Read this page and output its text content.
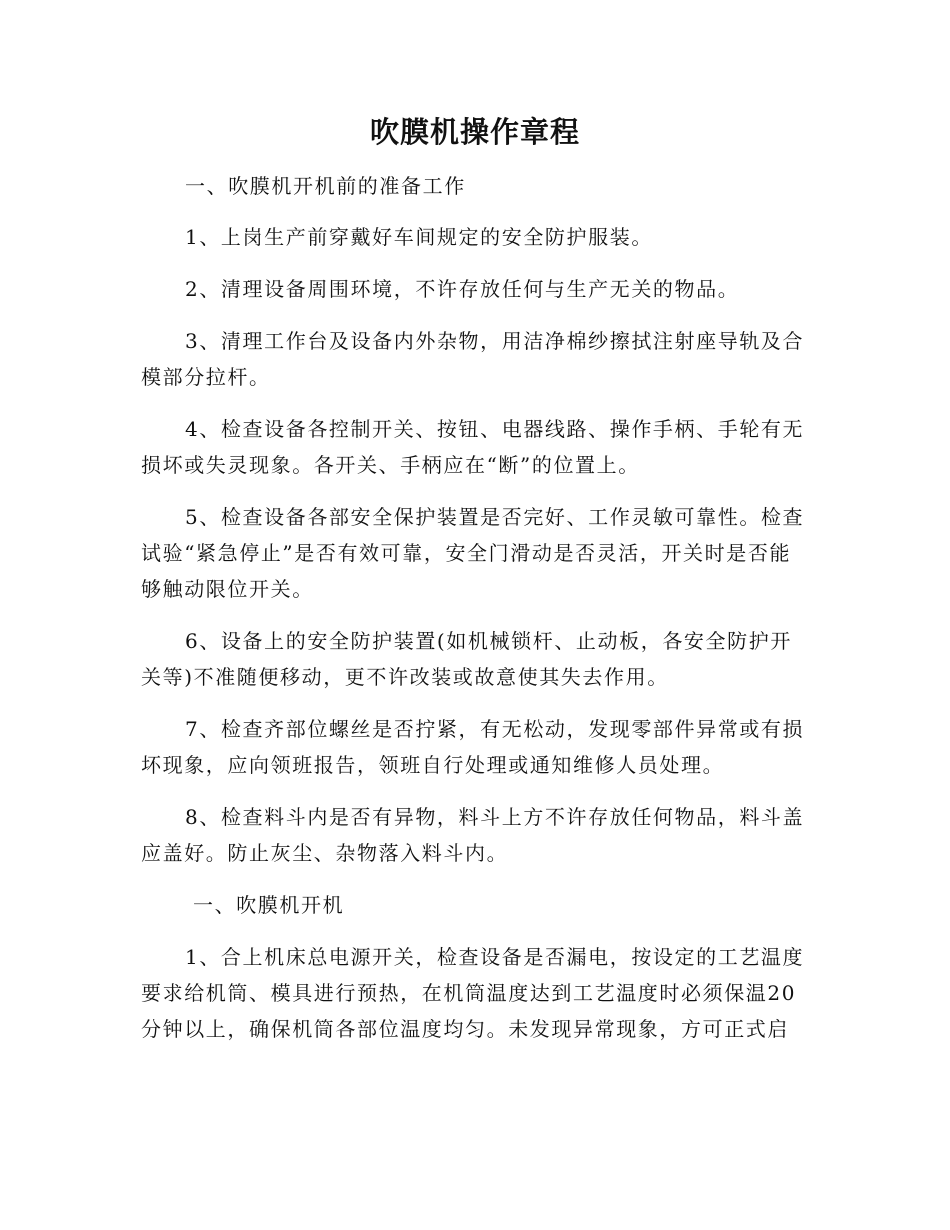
吹膜机操作章程

一、吹膜机开机前的准备工作

1、上岗生产前穿戴好车间规定的安全防护服装。

2、清理设备周围环境，不许存放任何与生产无关的物品。

3、清理工作台及设备内外杂物，用洁净棉纱擦拭注射座导轨及合模部分拉杆。

4、检查设备各控制开关、按钮、电器线路、操作手柄、手轮有无损坏或失灵现象。各开关、手柄应在“断”的位置上。

5、检查设备各部安全保护装置是否完好、工作灵敏可靠性。检查试验“紧急停止”是否有效可靠，安全门滑动是否灵活，开关时是否能够触动限位开关。

6、设备上的安全防护装置(如机械锁杆、止动板，各安全防护开关等)不准随便移动，更不许改装或故意使其失去作用。

7、检查齐部位螺丝是否拧紧，有无松动，发现零部件异常或有损坏现象，应向领班报告，领班自行处理或通知维修人员处理。

8、检查料斗内是否有异物，料斗上方不许存放任何物品，料斗盖应盖好。防止灰尘、杂物落入料斗内。

一、吹膜机开机

1、合上机床总电源开关，检查设备是否漏电，按设定的工艺温度要求给机筒、模具进行预热，在机筒温度达到工艺温度时必须保温20分钟以上，确保机筒各部位温度均匀。未发现异常现象，方可正式启
